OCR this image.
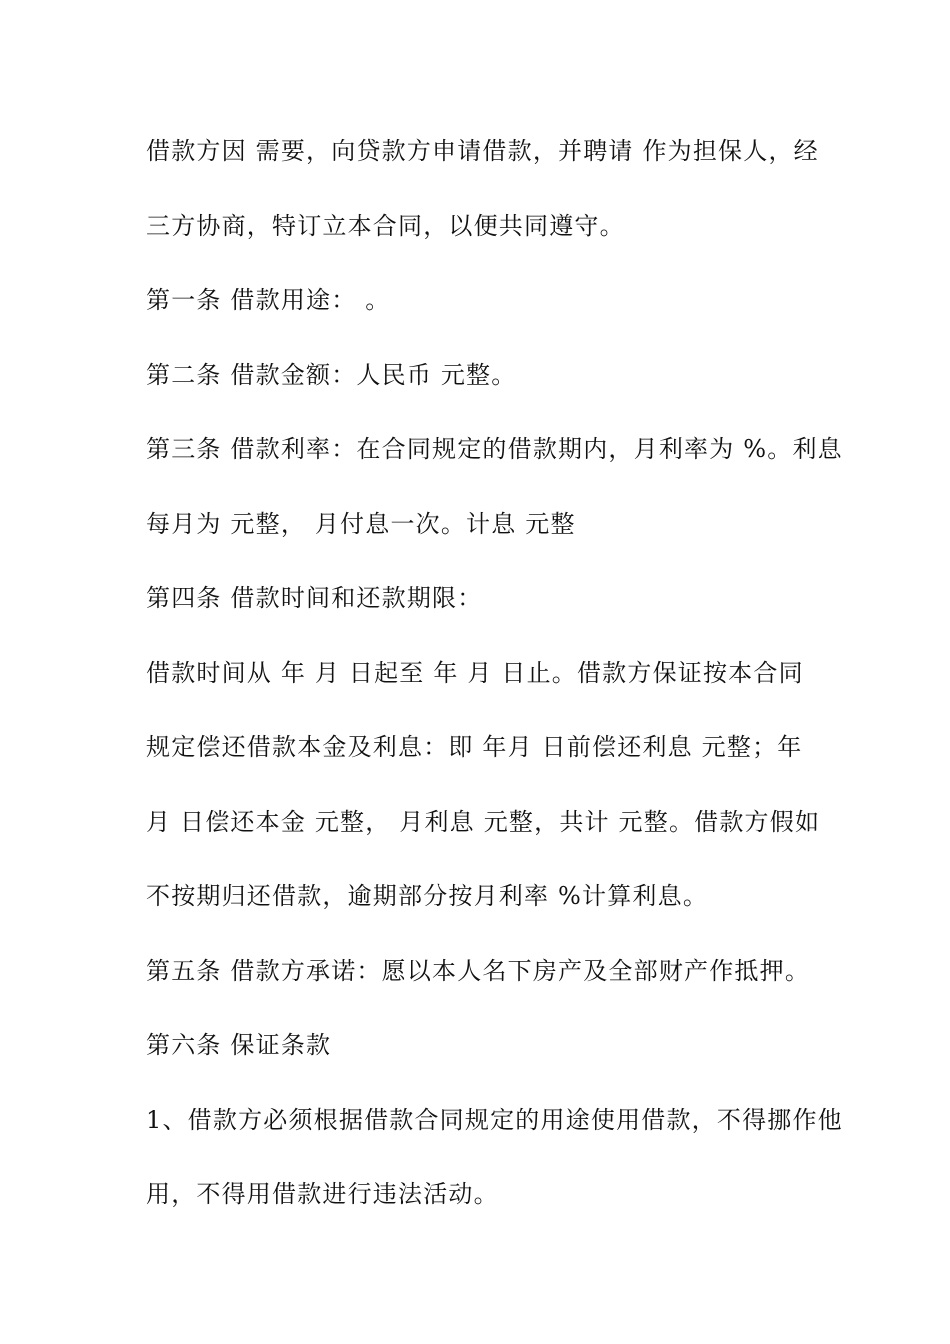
借款方因 需要，向贷款方申请借款，并聘请 作为担保人，经
三方协商，特订立本合同，以便共同遵守。
第一条 借款用途： 。
第二条 借款金额：人民币 元整。
第三条 借款利率：在合同规定的借款期内，月利率为 %。利息
每月为 元整， 月付息一次。计息 元整
第四条 借款时间和还款期限：
借款时间从 年 月 日起至 年 月 日止。借款方保证按本合同
规定偿还借款本金及利息：即 年月 日前偿还利息 元整；年
月 日偿还本金 元整， 月利息 元整，共计 元整。借款方假如
不按期归还借款，逾期部分按月利率 %计算利息。
第五条 借款方承诺：愿以本人名下房产及全部财产作抵押。
第六条 保证条款
1、借款方必须根据借款合同规定的用途使用借款，不得挪作他
用，不得用借款进行违法活动。
